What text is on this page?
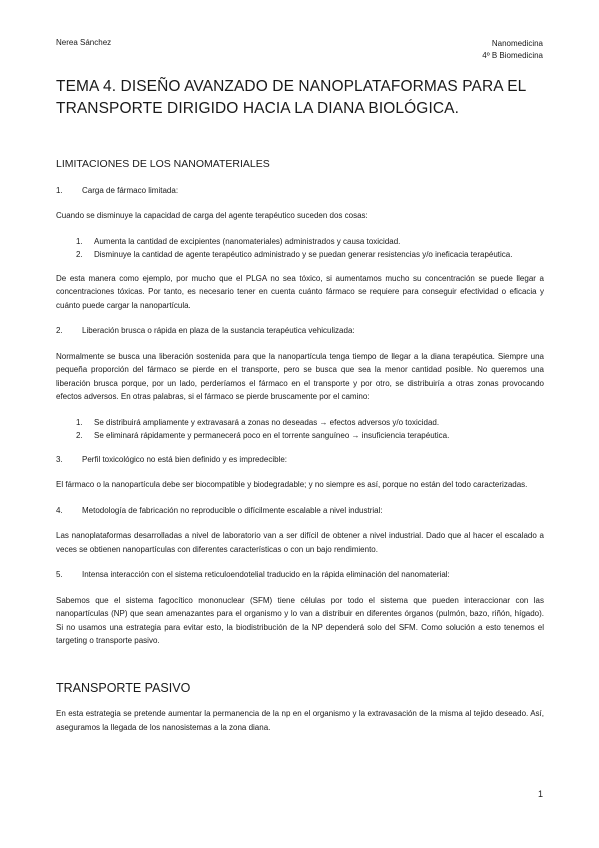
Nerea Sánchez	Nanomedicina
4º B Biomedicina
TEMA 4. DISEÑO AVANZADO DE NANOPLATAFORMAS PARA EL TRANSPORTE DIRIGIDO HACIA LA DIANA BIOLÓGICA.
LIMITACIONES DE LOS NANOMATERIALES
1.	Carga de fármaco limitada:
Cuando se disminuye la capacidad de carga del agente terapéutico suceden dos cosas:
1.	Aumenta la cantidad de excipientes (nanomateriales) administrados y causa toxicidad.
2.	Disminuye la cantidad de agente terapéutico administrado y se puedan generar resistencias y/o ineficacia terapéutica.
De esta manera como ejemplo, por mucho que el PLGA no sea tóxico, si aumentamos mucho su concentración se puede llegar a concentraciones tóxicas. Por tanto, es necesario tener en cuenta cuánto fármaco se requiere para conseguir efectividad o eficacia y cuánto puede cargar la nanopartícula.
2.	Liberación brusca o rápida en plaza de la sustancia terapéutica vehiculizada:
Normalmente se busca una liberación sostenida para que la nanopartícula tenga tiempo de llegar a la diana terapéutica. Siempre una pequeña proporción del fármaco se pierde en el transporte, pero se busca que sea la menor cantidad posible. No queremos una liberación brusca porque, por un lado, perderíamos el fármaco en el transporte y por otro, se distribuiría a otras zonas provocando efectos adversos. En otras palabras, si el fármaco se pierde bruscamente por el camino:
1.	Se distribuirá ampliamente y extravasará a zonas no deseadas → efectos adversos y/o toxicidad.
2.	Se eliminará rápidamente y permanecerá poco en el torrente sanguíneo → insuficiencia terapéutica.
3.	Perfil toxicológico no está bien definido y es impredecible:
El fármaco o la nanopartícula debe ser biocompatible y biodegradable; y no siempre es así, porque no están del todo caracterizadas.
4.	Metodología de fabricación no reproducible o difícilmente escalable a nivel industrial:
Las nanoplataformas desarrolladas a nivel de laboratorio van a ser difícil de obtener a nivel industrial. Dado que al hacer el escalado a veces se obtienen nanopartículas con diferentes características o con un bajo rendimiento.
5.	Intensa interacción con el sistema reticuloendotelial traducido en la rápida eliminación del nanomaterial:
Sabemos que el sistema fagocítico mononuclear (SFM) tiene células por todo el sistema que pueden interaccionar con las nanopartículas (NP) que sean amenazantes para el organismo y lo van a distribuir en diferentes órganos (pulmón, bazo, riñón, hígado). Si no usamos una estrategia para evitar esto, la biodistribución de la NP dependerá solo del SFM. Como solución a esto tenemos el targeting o transporte pasivo.
TRANSPORTE PASIVO
En esta estrategia se pretende aumentar la permanencia de la np en el organismo y la extravasación de la misma al tejido deseado. Así, aseguramos la llegada de los nanosistemas a la zona diana.
1
